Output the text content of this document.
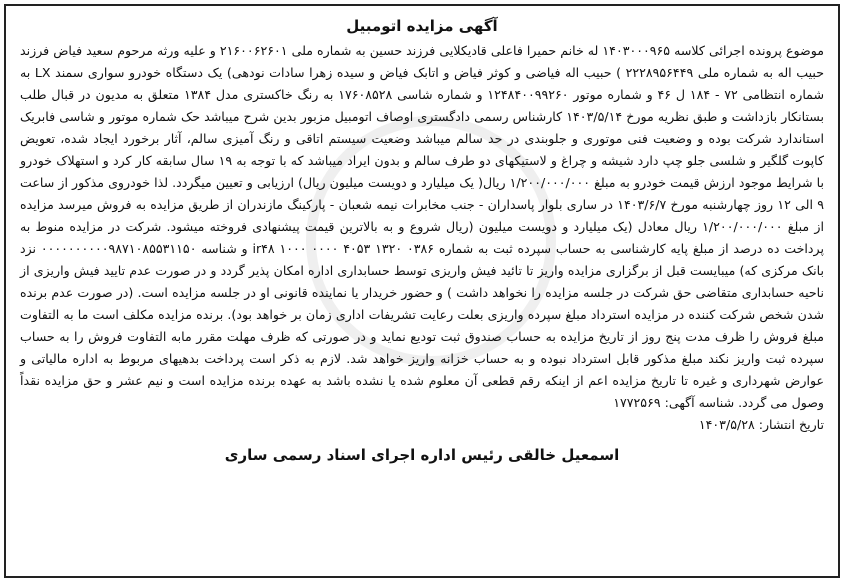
آگهی مزایده اتومبیل

موضوع پرونده اجرائی کلاسه ۱۴۰۳۰۰۰۹۶۵ له خانم حمیرا فاعلی قادیکلایی فرزند حسین به شماره ملی ۲۱۶۰۰۶۲۶۰۱ و علیه ورثه مرحوم سعید فیاض فرزند حبیب اله به شماره ملی ۲۲۲۸۹۵۶۴۴۹ ) حبیب اله فیاضی و کوثر فیاض و اتابک فیاض و سیده زهرا سادات نودهی) یک دستگاه خودرو سواری سمند LX به شماره انتظامی ۷۲ - ۱۸۴ ل ۴۶ و شماره موتور ۱۲۴۸۴۰۰۹۹۲۶۰ و شماره شاسی ۱۷۶۰۸۵۲۸ به رنگ خاکستری مدل ۱۳۸۴ متعلق به مدیون در قبال طلب بستانکار بازداشت و طبق نظریه مورخ ۱۴۰۳/۵/۱۴ کارشناس رسمی دادگستری اوصاف اتومبیل مزبور بدین شرح میباشد حک شماره موتور و شاسی فابریک استاندارد شرکت بوده و وضعیت فنی موتوری و جلوبندی در حد سالم میباشد وضعیت سیستم اتاقی و رنگ آمیزی سالم، آثار برخورد ایجاد شده، تعویض کاپوت گلگیر و شلسی جلو چپ دارد شیشه و چراغ و لاستیکهای دو طرف سالم و بدون ایراد میباشد که با توجه به ۱۹ سال سابقه کار کرد و استهلاک خودرو با شرایط موجود ارزش قیمت خودرو به مبلغ ۱/۲۰۰/۰۰۰/۰۰۰ ریال( یک میلیارد و دویست میلیون ریال) ارزیابی و تعیین میگردد. لذا خودروی مذکور از ساعت ۹ الی ۱۲ روز چهارشنبه مورخ ۱۴۰۳/۶/۷ در ساری بلوار پاسداران - جنب مخابرات نیمه شعبان - پارکینگ مازندران از طریق مزایده به فروش میرسد مزایده از مبلغ ۱/۲۰۰/۰۰۰/۰۰۰ ریال معادل (یک میلیارد و دویست میلیون (ریال شروع و به بالاترین قیمت پیشنهادی فروخته میشود. شرکت در مزایده منوط به پرداخت ده درصد از مبلغ پایه کارشناسی به حساب سپرده ثبت به شماره ۰۳۸۶ ۱۳۲۰ ۴۰۵۳ ۰۰۰۰ ۱۰۰۰ ir۴۸ و شناسه ۰۰۰۰۰۰۰۰۰۰۹۸۷۱۰۸۵۵۳۱۱۵۰ نزد بانک مرکزی که) میبایست قبل از برگزاری مزایده واریز تا تائید فیش واریزی توسط حسابداری اداره امکان پذیر گردد و در صورت عدم تایید فیش واریزی از ناحیه حسابداری متقاضی حق شرکت در جلسه مزایده را نخواهد داشت ) و حضور خریدار یا نماینده قانونی او در جلسه مزایده است. (در صورت عدم برنده شدن شخص شرکت کننده در مزایده استرداد مبلغ سپرده واریزی بعلت رعایت تشریفات اداری زمان بر خواهد بود). برنده مزایده مکلف است ما به التفاوت مبلغ فروش را ظرف مدت پنج روز از تاریخ مزایده به حساب صندوق ثبت تودیع نماید و در صورتی که ظرف مهلت مقرر مابه التفاوت فروش را به حساب سپرده ثبت واریز نکند مبلغ مذکور قابل استرداد نبوده و به حساب خزانه واریز خواهد شد. لازم به ذکر است پرداخت بدهیهای مربوط به اداره مالیاتی و عوارض شهرداری و غیره تا تاریخ مزایده اعم از اینکه رقم قطعی آن معلوم شده یا نشده باشد به عهده برنده مزایده است و نیم عشر و حق مزایده نقداً وصول می گردد. شناسه آگهی: ۱۷۷۲۵۶۹

تاریخ انتشار: ۱۴۰۳/۵/۲۸

اسمعیل خالقی رئیس اداره اجرای اسناد رسمی ساری
